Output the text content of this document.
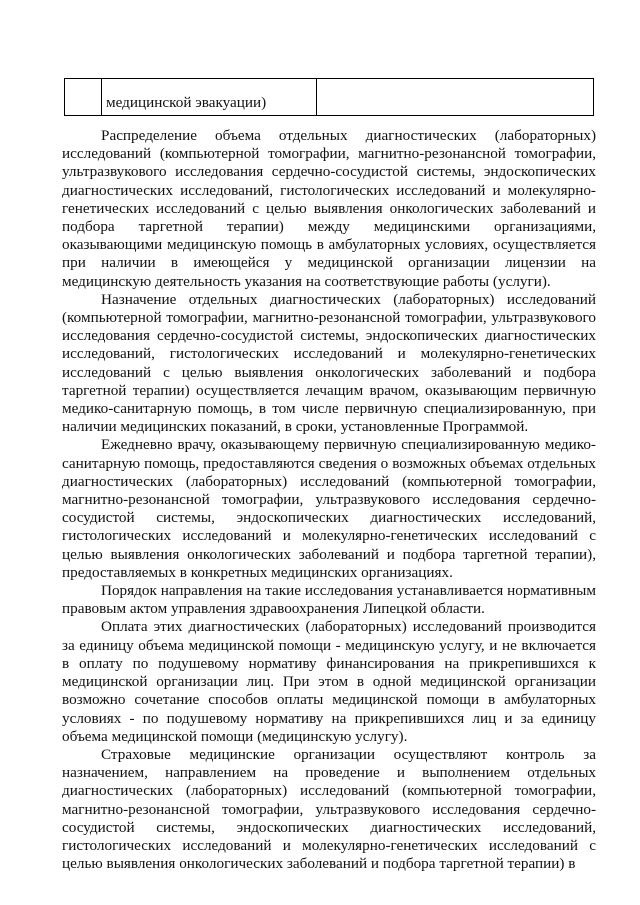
	медицинской эвакуации)	

Распределение объема отдельных диагностических (лабораторных) исследований (компьютерной томографии, магнитно-резонансной томографии, ультразвукового исследования сердечно-сосудистой системы, эндоскопических диагностических исследований, гистологических исследований и молекулярно-генетических исследований с целью выявления онкологических заболеваний и подбора таргетной терапии) между медицинскими организациями, оказывающими медицинскую помощь в амбулаторных условиях, осуществляется при наличии в имеющейся у медицинской организации лицензии на медицинскую деятельность указания на соответствующие работы (услуги).

Назначение отдельных диагностических (лабораторных) исследований (компьютерной томографии, магнитно-резонансной томографии, ультразвукового исследования сердечно-сосудистой системы, эндоскопических диагностических исследований, гистологических исследований и молекулярно-генетических исследований с целью выявления онкологических заболеваний и подбора таргетной терапии) осуществляется лечащим врачом, оказывающим первичную медико-санитарную помощь, в том числе первичную специализированную, при наличии медицинских показаний, в сроки, установленные Программой.

Ежедневно врачу, оказывающему первичную специализированную медико-санитарную помощь, предоставляются сведения о возможных объемах отдельных диагностических (лабораторных) исследований (компьютерной томографии, магнитно-резонансной томографии, ультразвукового исследования сердечно-сосудистой системы, эндоскопических диагностических исследований, гистологических исследований и молекулярно-генетических исследований с целью выявления онкологических заболеваний и подбора таргетной терапии), предоставляемых в конкретных медицинских организациях.

Порядок направления на такие исследования устанавливается нормативным правовым актом управления здравоохранения Липецкой области.

Оплата этих диагностических (лабораторных) исследований производится за единицу объема медицинской помощи - медицинскую услугу, и не включается в оплату по подушевому нормативу финансирования на прикрепившихся к медицинской организации лиц. При этом в одной медицинской организации возможно сочетание способов оплаты медицинской помощи в амбулаторных условиях - по подушевому нормативу на прикрепившихся лиц и за единицу объема медицинской помощи (медицинскую услугу).

Страховые медицинские организации осуществляют контроль за назначением, направлением на проведение и выполнением отдельных диагностических (лабораторных) исследований (компьютерной томографии, магнитно-резонансной томографии, ультразвукового исследования сердечно-сосудистой системы, эндоскопических диагностических исследований, гистологических исследований и молекулярно-генетических исследований с целью выявления онкологических заболеваний и подбора таргетной терапии) в
